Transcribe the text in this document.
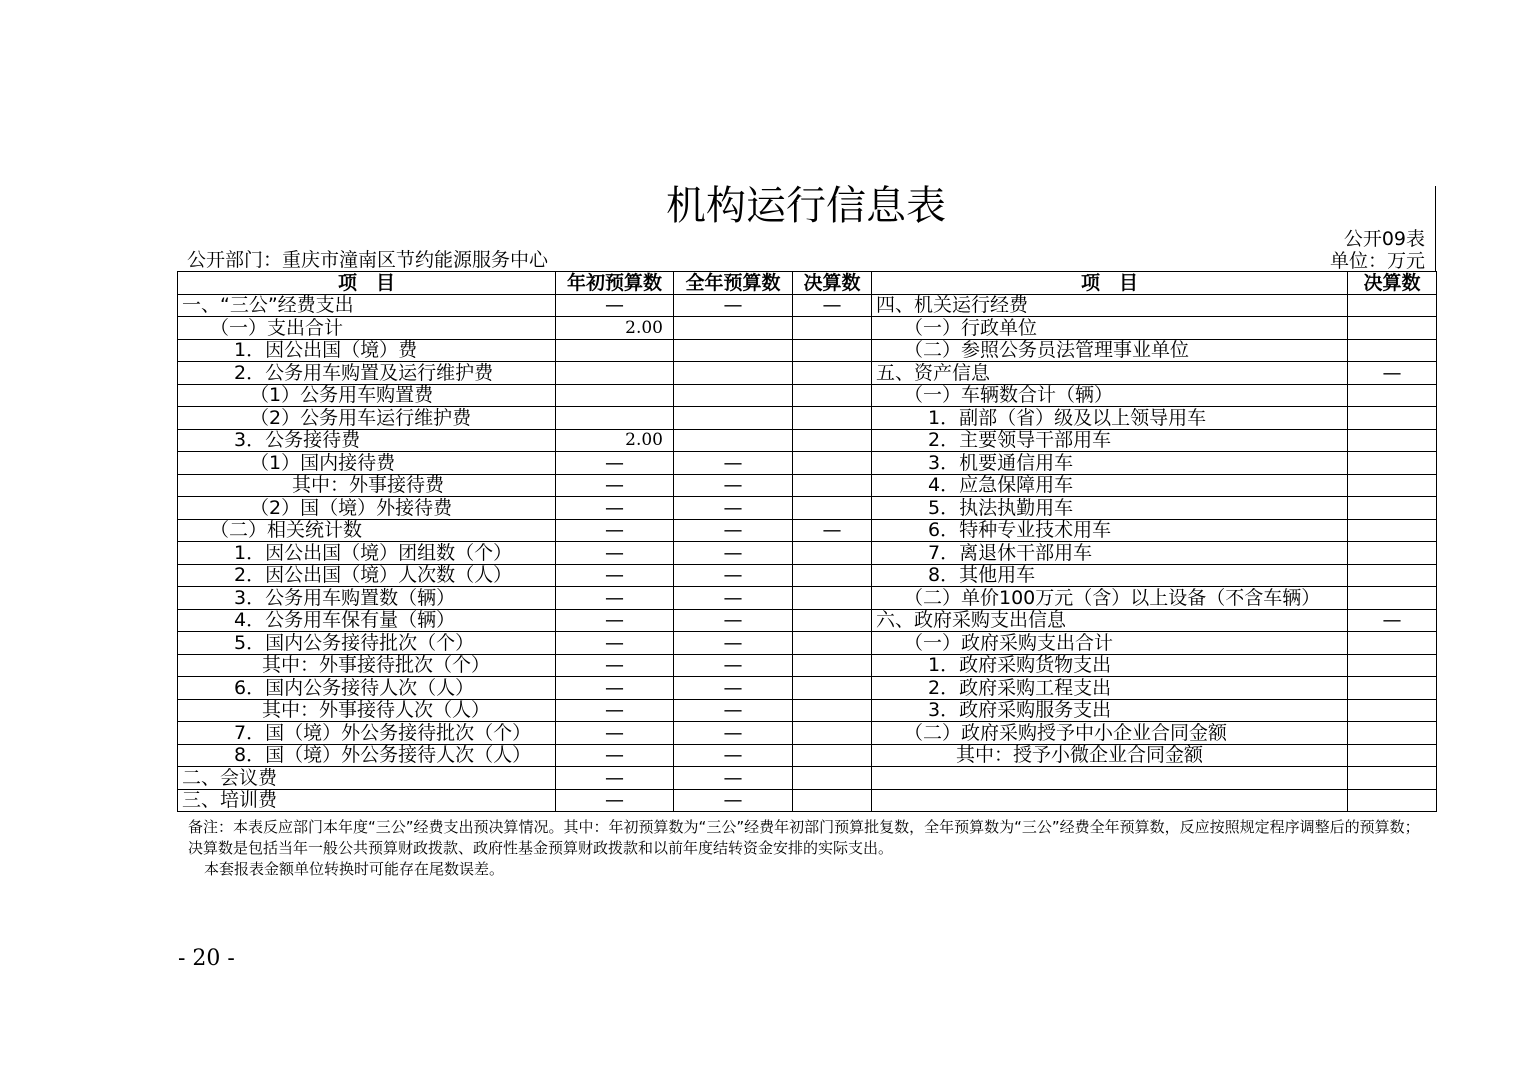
机构运行信息表
公开09表
单位：万元
公开部门：重庆市潼南区节约能源服务中心
项　目	年初预算数	全年预算数	决算数	项　目	决算数
一、“三公”经费支出	—	—	—	四、机关运行经费	
（一）支出合计	2.00			（一）行政单位	
1．因公出国（境）费				（二）参照公务员法管理事业单位	
2．公务用车购置及运行维护费				五、资产信息	—
（1）公务用车购置费				（一）车辆数合计（辆）	
（2）公务用车运行维护费				1．副部（省）级及以上领导用车	
3．公务接待费	2.00			2．主要领导干部用车	
（1）国内接待费	—	—		3．机要通信用车	
其中：外事接待费	—	—		4．应急保障用车	
（2）国（境）外接待费	—	—		5．执法执勤用车	
（二）相关统计数	—	—	—	6．特种专业技术用车	
1．因公出国（境）团组数（个）	—	—		7．离退休干部用车	
2．因公出国（境）人次数（人）	—	—		8．其他用车	
3．公务用车购置数（辆）	—	—		（二）单价100万元（含）以上设备（不含车辆）	
4．公务用车保有量（辆）	—	—		六、政府采购支出信息	—
5．国内公务接待批次（个）	—	—		（一）政府采购支出合计	
其中：外事接待批次（个）	—	—		1．政府采购货物支出	
6．国内公务接待人次（人）	—	—		2．政府采购工程支出	
其中：外事接待人次（人）	—	—		3．政府采购服务支出	
7．国（境）外公务接待批次（个）	—	—		（二）政府采购授予中小企业合同金额	
8．国（境）外公务接待人次（人）	—	—		其中：授予小微企业合同金额	
二、会议费	—	—			
三、培训费	—	—			
备注：本表反应部门本年度“三公”经费支出预决算情况。其中：年初预算数为“三公”经费年初部门预算批复数，全年预算数为“三公”经费全年预算数，反应按照规定程序调整后的预算数；决算数是包括当年一般公共预算财政拨款、政府性基金预算财政拨款和以前年度结转资金安排的实际支出。
本套报表金额单位转换时可能存在尾数误差。
- 20 -
